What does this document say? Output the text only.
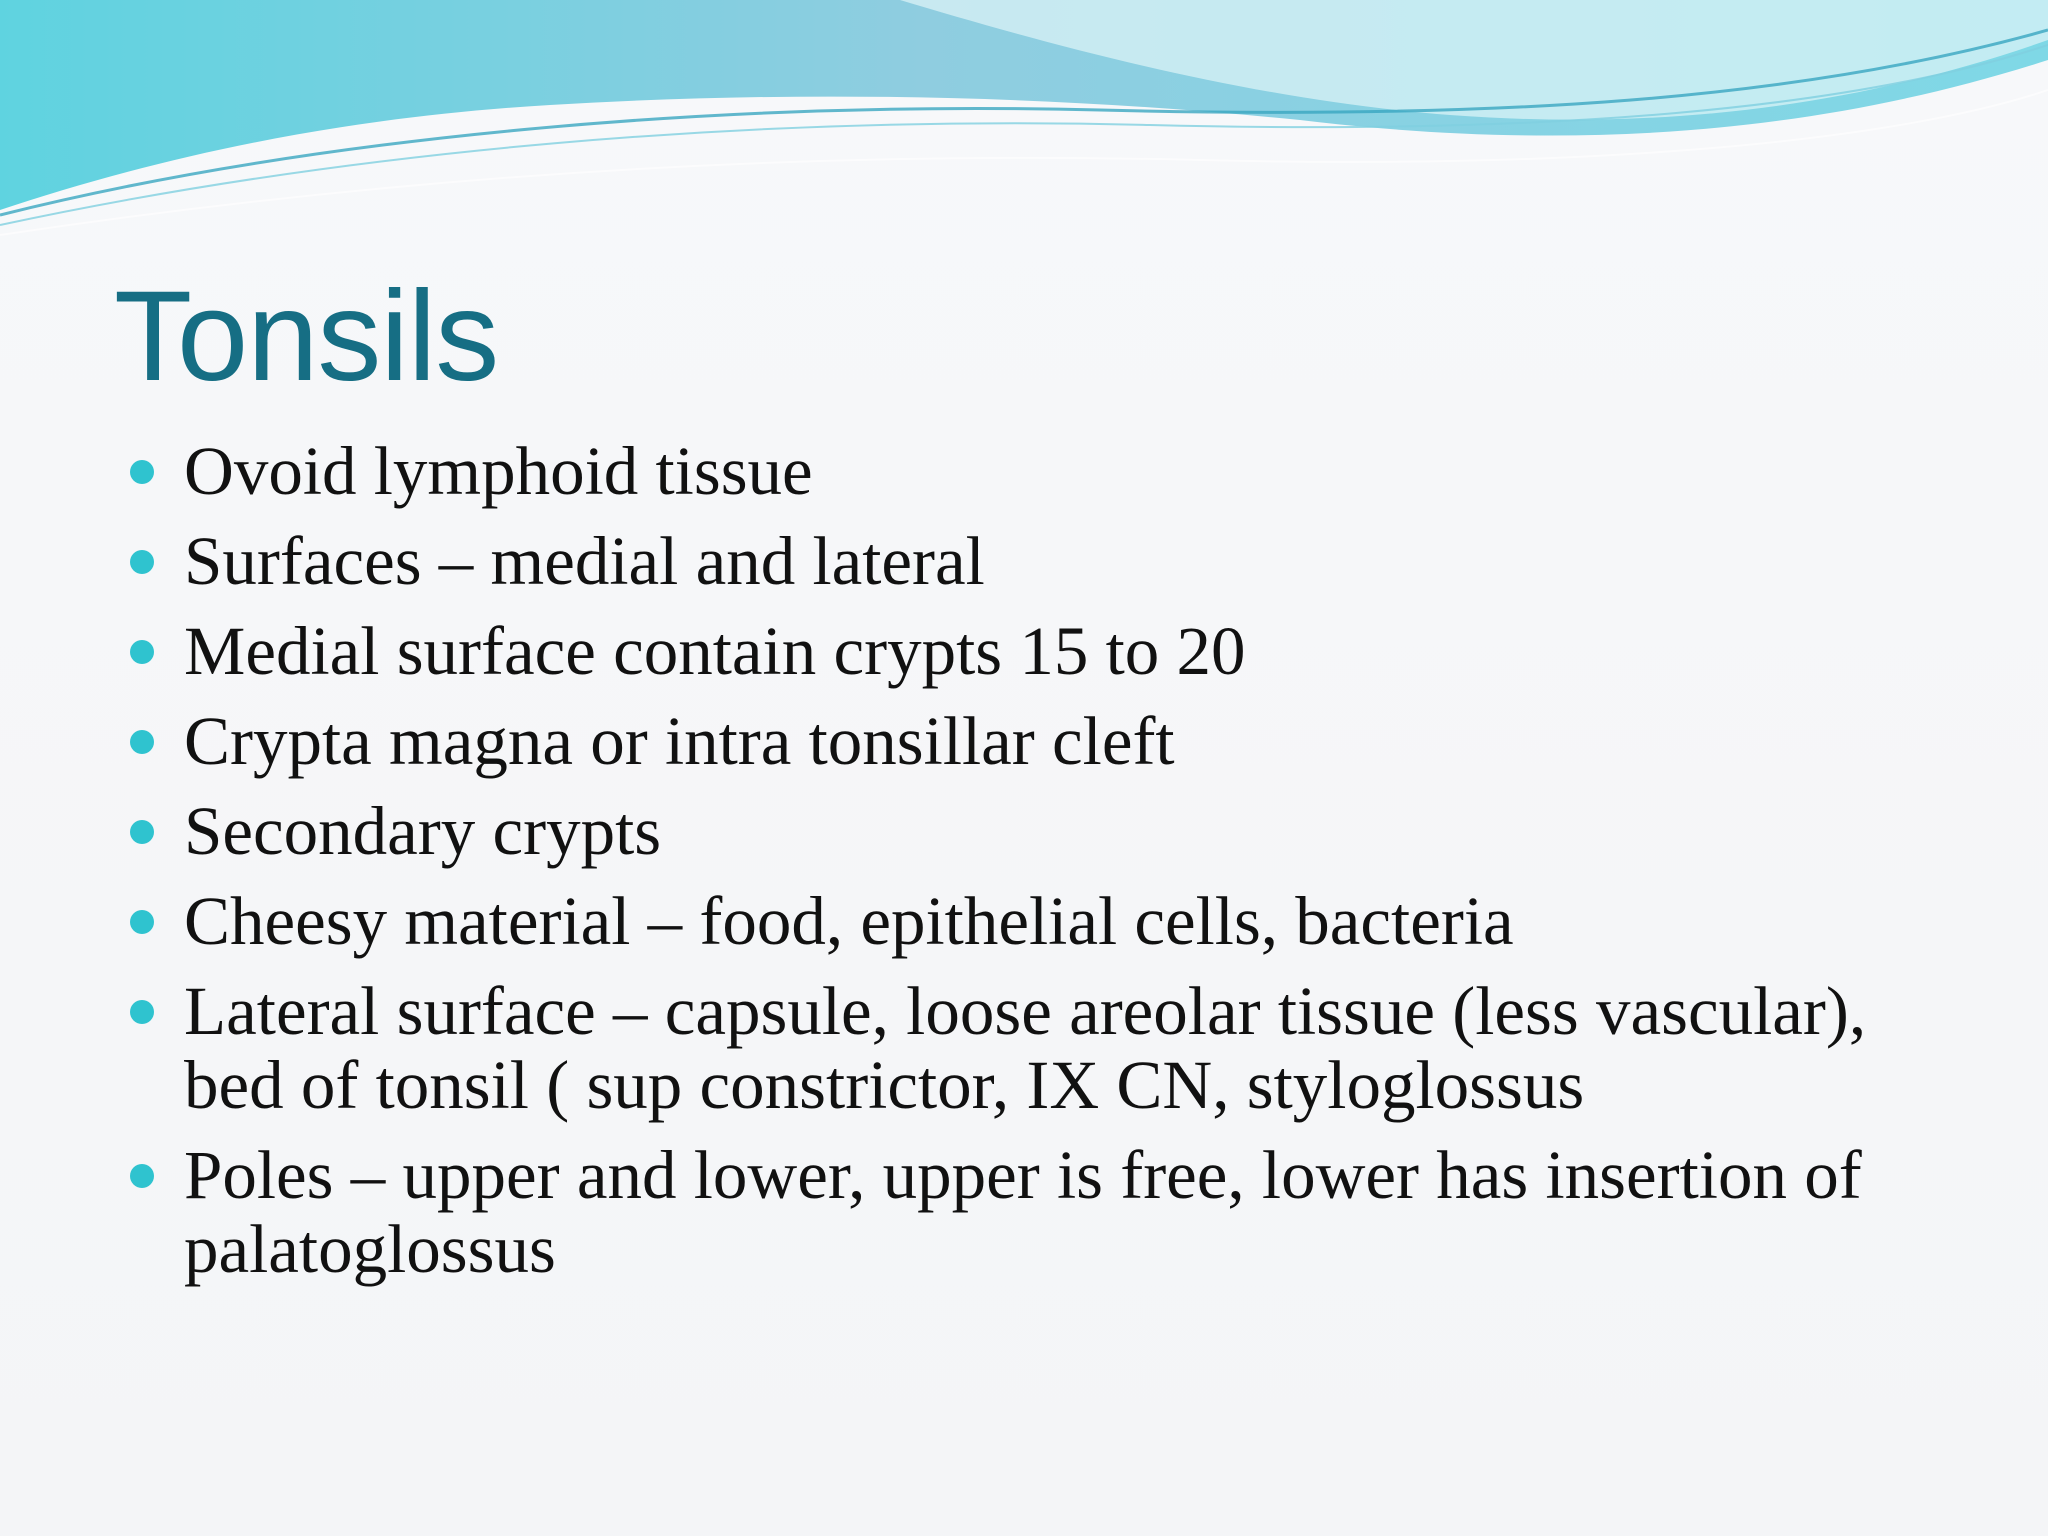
Tonsils
Ovoid lymphoid tissue
Surfaces – medial and lateral
Medial surface contain crypts 15 to 20
Crypta magna or intra tonsillar cleft
Secondary crypts
Cheesy material – food, epithelial cells, bacteria
Lateral surface – capsule, loose areolar tissue (less vascular), bed of tonsil ( sup constrictor, IX CN, styloglossus
Poles – upper and lower, upper is free, lower has insertion of palatoglossus
